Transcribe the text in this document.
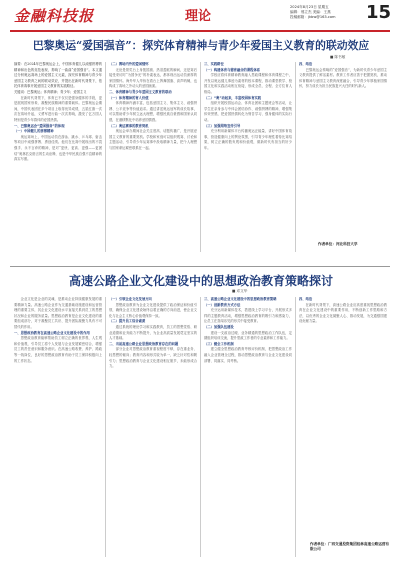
金融科技报	理论
2024年8月23日 星期五
编辑：邢立杰 美编：王燕
投稿邮箱：jkbw@163.com 15
巴黎奥运“爱国强音”：探究体育精神与青少年爱国主义教育的联动效应
■ 陈书敏

摘要：在2024年巴黎奥运会上，中国体育健儿以顽强拼搏的精神和出色的竞技表现，奏响了一曲曲“爱国强音”。本文通过分析奥运赛场上的爱国主义元素，探究体育精神与青少年爱国主义教育之间的联动效应，并提出在新时代背景下，依托体育赛事开展爱国主义教育的实践路径。

关键词：巴黎奥运；体育精神；青少年；爱国主义

在新时代背景下，体育已不仅仅是强身健体的手段，更是展现国家形象、凝聚民族精神的重要载体。巴黎奥运会期间，中国代表团在多个项目上取得优异成绩，五星红旗一次次在赛场升起，义勇军进行曲一次次奏响，激发了亿万国人特别是青少年群体的爱国热情。

一、巴黎奥运会“爱国强音”的体现

（一）中国健儿的拼搏精神

奥运赛场上，中国运动员在游泳、跳水、乒乓球、射击等项目中顽强拼搏、勇创佳绩。他们在比赛中展现出的不畏强手、永不言弃的精神，是对“更快、更高、更强——更团结”奥林匹克格言的生动诠释，也是中华民族自强不息精神的真实写照。

（二）赛场内外的爱国情怀

无论是领奖台上身披国旗、热泪盈眶的瞬间，还是赛后接受采访时“为国争光”的朴素表达，都体现出运动员深厚的家国情怀。海外华人华侨在看台上挥舞国旗、高声呐喊，也构成了赛场之外动人的爱国画面。

二、体育精神与青少年爱国主义教育的联动

（一）体育精神的育人价值

体育精神内涵丰富，包括爱国主义、集体主义、顽强拼搏、公平竞争等价值追求。通过讲述奥运冠军的成长故事，可以帮助青少年树立远大理想，增强民族自豪感和国家认同感，在潜移默化中培养爱国情感。

（二）奥运赛事的教育契机

奥运会举办期间社会关注度高、话题传播广，是开展爱国主义教育的重要契机。学校和家庭可以组织观赛、讨论和主题活动，引导青少年从赛事中汲取精神力量，把个人理想与国家命运紧密联系在一起。

三、实践路径

（一）构建体育与德育融合的课程体系

学校应将体育精神教育融入思政课程和体育课程之中，开发以奥运健儿事迹为素材的校本课程，推动课堂教学、校园文化和实践活动相互衔接，形成全员、全程、全方位育人格局。

（二）“奥”动起来，丰富校园体育实践

组织开展校园运动会、体育社团和主题班会等活动，让学生在亲身参与中体会团结协作、顽强拼搏的精神，增强集体荣誉感，把爱国热情转化为刻苦学习、强身健体的实际行动。

（三）加强网络宣传引导

充分利用新媒体平台传播奥运正能量，讲好中国体育故事，营造健康向上的舆论氛围，引导青少年理性看待比赛结果，树立正确的胜负观和价值观，做新时代有担当的好少年。

四、结语

巴黎奥运会奏响的“爱国强音”，为新时代青少年爱国主义教育提供了鲜活素材。教育工作者应善于把握契机，推动体育精神与爱国主义教育深度融合，引导青少年厚植家国情怀，努力成长为担当民族复兴大任的时代新人。

作者单位：河北科技大学
高速公路企业文化建设中的思想政治教育策略探讨
■ 邓文华

企业文化是企业的灵魂，是推动企业持续健康发展的重要精神力量。高速公路企业作为交通基础设施建设和运营管理的重要主体，其企业文化建设水平直接关系到员工的思想状况和企业的服务质量。思想政治教育是企业文化建设的重要组成部分，对于凝聚员工共识、提升团队凝聚力具有不可替代的作用。

一、思想政治教育在高速公路企业文化建设中的作用

思想政治教育能够帮助员工树立正确的世界观、人生观和价值观，引导员工将个人发展与企业发展紧密结合，增强员工的责任意识和服务意识。在高速公路收费、养护、路政等一线岗位，良好的思想政治教育有助于员工保持积极向上的工作状态。

（一）引领企业文化发展方向

思想政治教育为企业文化建设提供了政治保证和价值引领，确保企业文化建设始终沿着正确的方向前进，使企业文化与社会主义核心价值观保持一致。

（二）提升员工综合素质

通过系统的理论学习和实践教育，员工的思想觉悟、职业道德和业务能力不断提升，为企业高质量发展奠定坚实的人才基础。

二、当前高速公路企业思想政治教育存在的问题

部分企业对思想政治教育重视程度不够，存在重业务、轻思想的倾向；教育内容和形式较为单一，缺乏针对性和吸引力；思想政治教育与企业文化建设相互脱节，未能形成合力。

三、高速公路企业文化建设中的思想政治教育策略

（一）创新教育方式方法

充分运用新媒体技术，搭建线上学习平台，开展形式多样的主题教育活动，增强思想政治教育的吸引力和感染力，让员工在喜闻乐见的形式中接受教育。

（二）加强队伍建设

建设一支政治过硬、业务精通的思想政治工作队伍，定期组织培训交流，提升思政工作者的专业素养和工作能力。

（三）健全工作机制

建立健全思想政治教育考核评价机制，把思想政治工作融入企业管理全过程，推动思想政治教育与企业文化建设同部署、同落实、同考核。

四、结语

在新时代背景下，高速公路企业应高度重视思想政治教育在企业文化建设中的重要作用，不断创新工作思路和方法，以优秀的企业文化凝聚人心、推动发展，为交通强国建设贡献力量。

作者单位：广西交通投资集团桂林高速公路运营有限公司
